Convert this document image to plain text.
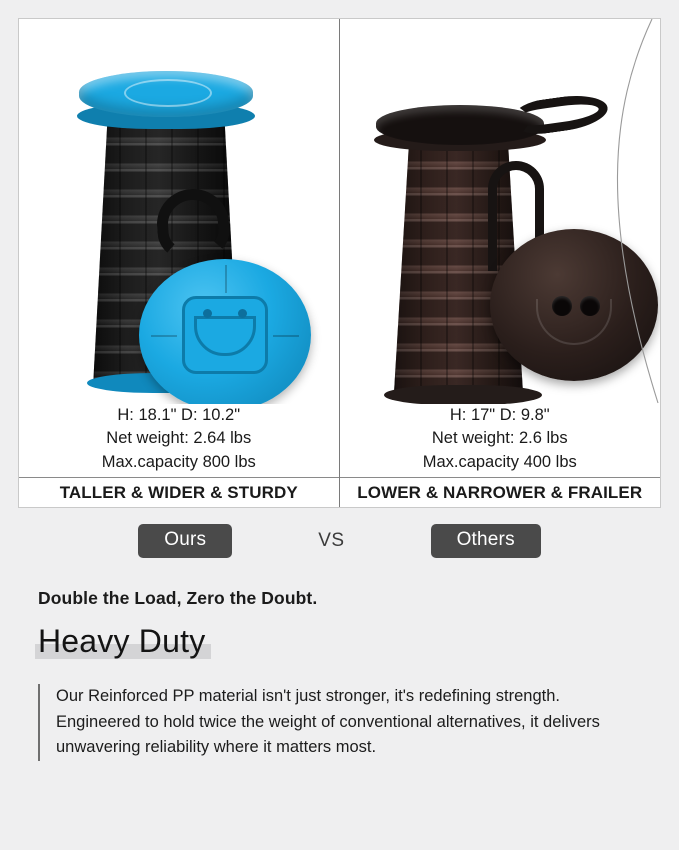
H: 18.1" D: 10.2"
Net weight: 2.64 lbs
Max.capacity 800 lbs
TALLER & WIDER & STURDY
H: 17" D: 9.8"
Net weight: 2.6 lbs
Max.capacity 400 lbs
LOWER & NARROWER & FRAILER
Ours	VS	Others
Double the Load, Zero the Doubt.
Heavy Duty
Our Reinforced PP material isn't just stronger, it's redefining strength. Engineered to hold twice the weight of conventional alternatives, it delivers unwavering reliability where it matters most.
